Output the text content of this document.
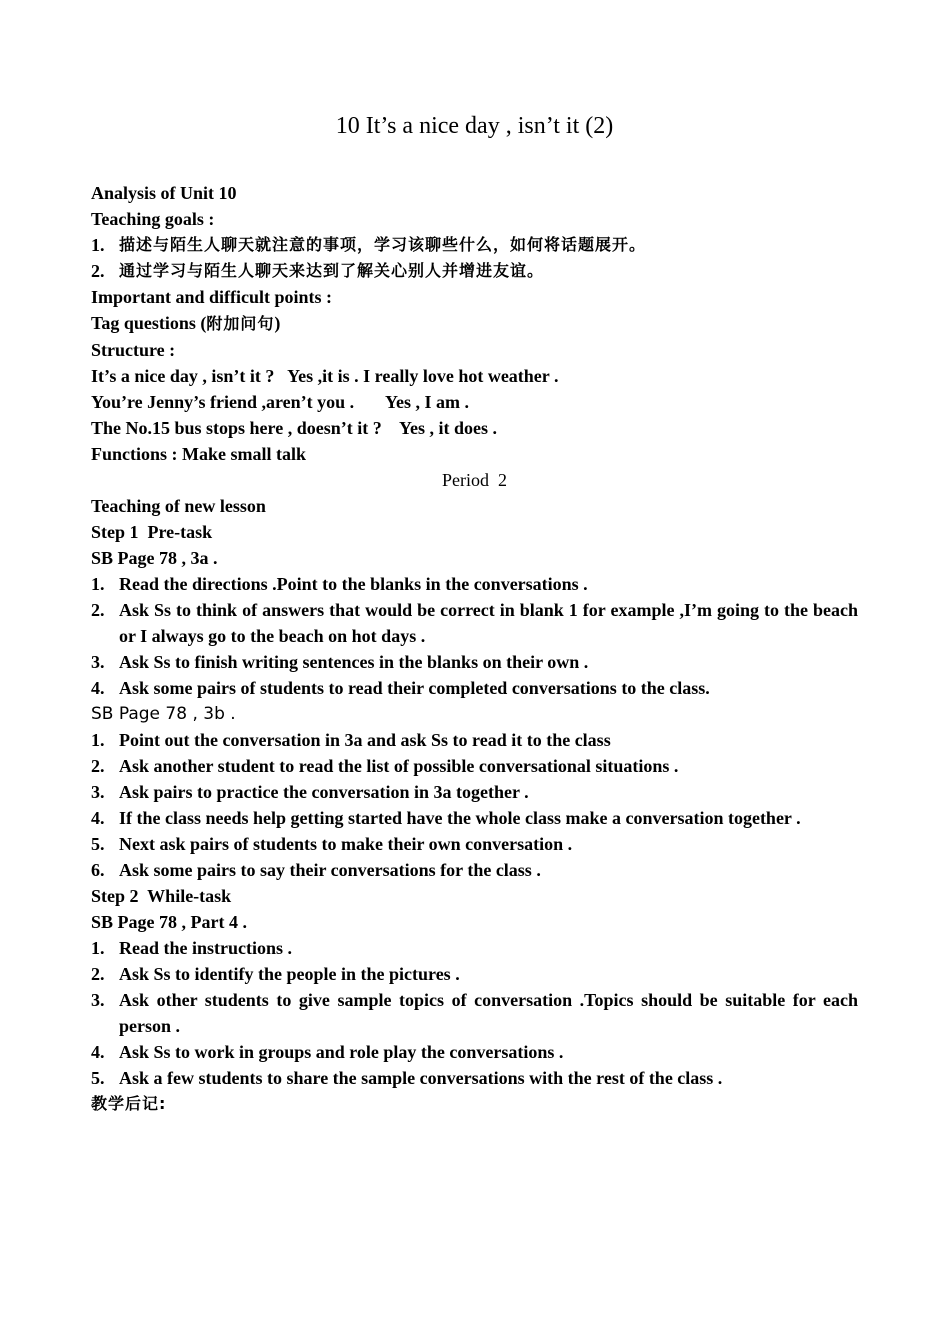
10 It’s a nice day , isn’t it (2)
Analysis of Unit 10
Teaching goals :
1. 描述与陌生人聊天就注意的事项，学习该聊些什么，如何将话题展开。
2. 通过学习与陌生人聊天来达到了解关心别人并增进友谊。
Important and difficult points :
Tag questions (附加问句)
Structure :
It’s a nice day , isn’t it ?   Yes ,it is . I really love hot weather .
You’re Jenny’s friend ,aren’t you .       Yes , I am .
The No.15 bus stops here , doesn’t it ?    Yes , it does .
Functions : Make small talk
Period  2
Teaching of new lesson
Step 1  Pre-task
SB Page 78 , 3a .
1. Read the directions .Point to the blanks in the conversations .
2. Ask Ss to think of answers that would be correct in blank 1 for example ,I’m going to the beach or I always go to the beach on hot days .
3. Ask Ss to finish writing sentences in the blanks on their own .
4. Ask some pairs of students to read their completed conversations to the class.
SB Page 78 , 3b .
1. Point out the conversation in 3a and ask Ss to read it to the class
2. Ask another student to read the list of possible conversational situations .
3. Ask pairs to practice the conversation in 3a together .
4. If the class needs help getting started have the whole class make a conversation together .
5. Next ask pairs of students to make their own conversation .
6. Ask some pairs to say their conversations for the class .
Step 2  While-task
SB Page 78 , Part 4 .
1. Read the instructions .
2. Ask Ss to identify the people in the pictures .
3. Ask other students to give sample topics of conversation .Topics should be suitable for each person .
4. Ask Ss to work in groups and role play the conversations .
5. Ask a few students to share the sample conversations with the rest of the class .
教学后记:
